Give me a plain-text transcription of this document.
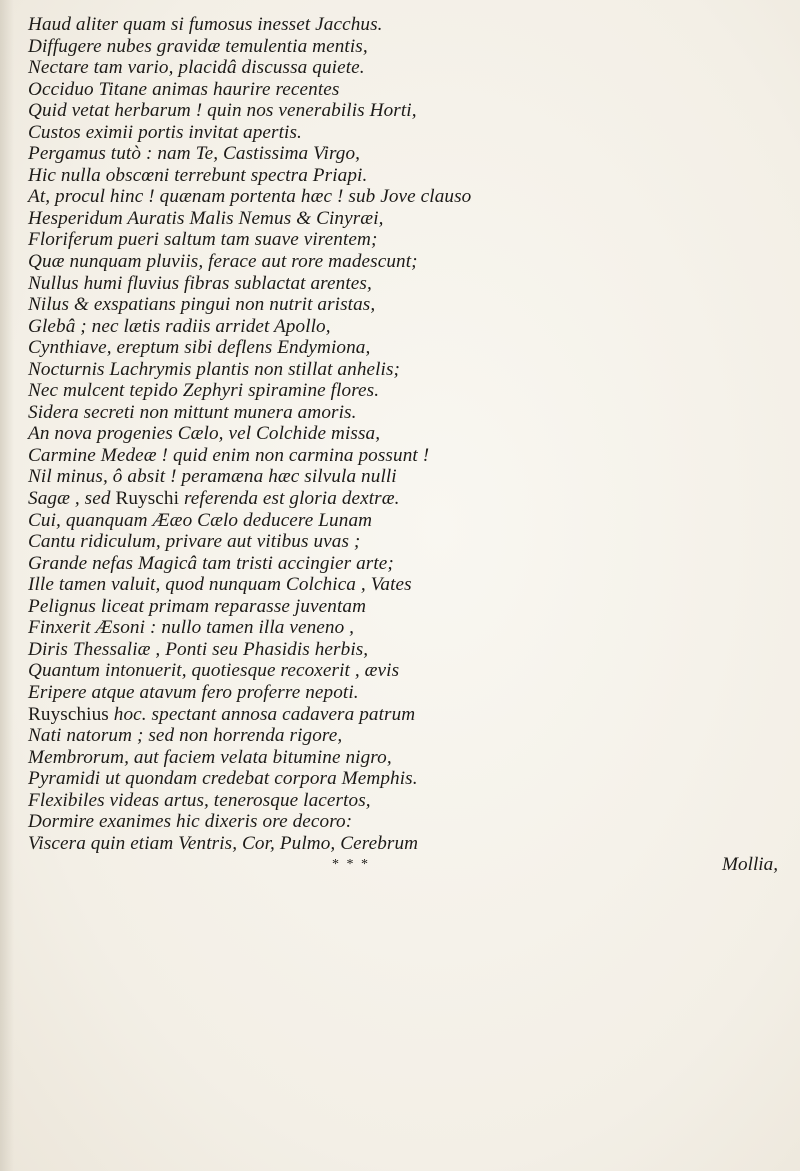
Haud aliter quam si fumosus inesset Jacchus.
Diffugere nubes gravidæ temulentia mentis,
Nectare tam vario, placidâ discussa quiete.
Occiduo Titane animas haurire recentes
Quid vetat herbarum ! quin nos venerabilis Horti,
Custos eximii portis invitat apertis.
Pergamus tutò : nam Te, Castissima Virgo,
Hic nulla obscœni terrebunt spectra Priapi.
At, procul hinc ! quænam portenta hæc ! sub Jove clauso
Hesperidum Auratis Malis Nemus & Cinyræi,
Floriferum pueri saltum tam suave virentem;
Quæ nunquam pluviis, ferace aut rore madescunt;
Nullus humi fluvius fibras sublactat arentes,
Nilus & exspatians pingui non nutrit aristas,
Glebâ ; nec lætis radiis arridet Apollo,
Cynthiave, ereptum sibi deflens Endymiona,
Nocturnis Lachrymis plantis non stillat anhelis;
Nec mulcent tepido Zephyri spiramine flores.
Sidera secreti non mittunt munera amoris.
An nova progenies Cælo, vel Colchide missa,
Carmine Medeæ ! quid enim non carmina possunt !
Nil minus, ô absit ! peramæna hæc silvula nulli
Sagæ , sed Ruyschi referenda est gloria dextræ.
Cui, quanquam Ææo Cælo deducere Lunam
Cantu ridiculum, privare aut vitibus uvas ;
Grande nefas Magicâ tam tristi accingier arte;
Ille tamen valuit, quod nunquam Colchica , Vates
Pelignus liceat primam reparasse juventam
Finxerit Æsoni : nullo tamen illa veneno ,
Diris Thessaliæ , Ponti seu Phasidis herbis,
Quantum intonuerit, quotiesque recoxerit , ævis
Eripere atque atavum fero proferre nepoti.
Ruyschius hoc. spectant annosa cadavera patrum
Nati natorum ; sed non horrenda rigore,
Membrorum, aut faciem velata bitumine nigro,
Pyramidi ut quondam credebat corpora Memphis.
Flexibiles videas artus, tenerosque lacertos,
Dormire exanimes hic dixeris ore decoro:
Viscera quin etiam Ventris, Cor, Pulmo, Cerebrum
* * *	Mollia,
